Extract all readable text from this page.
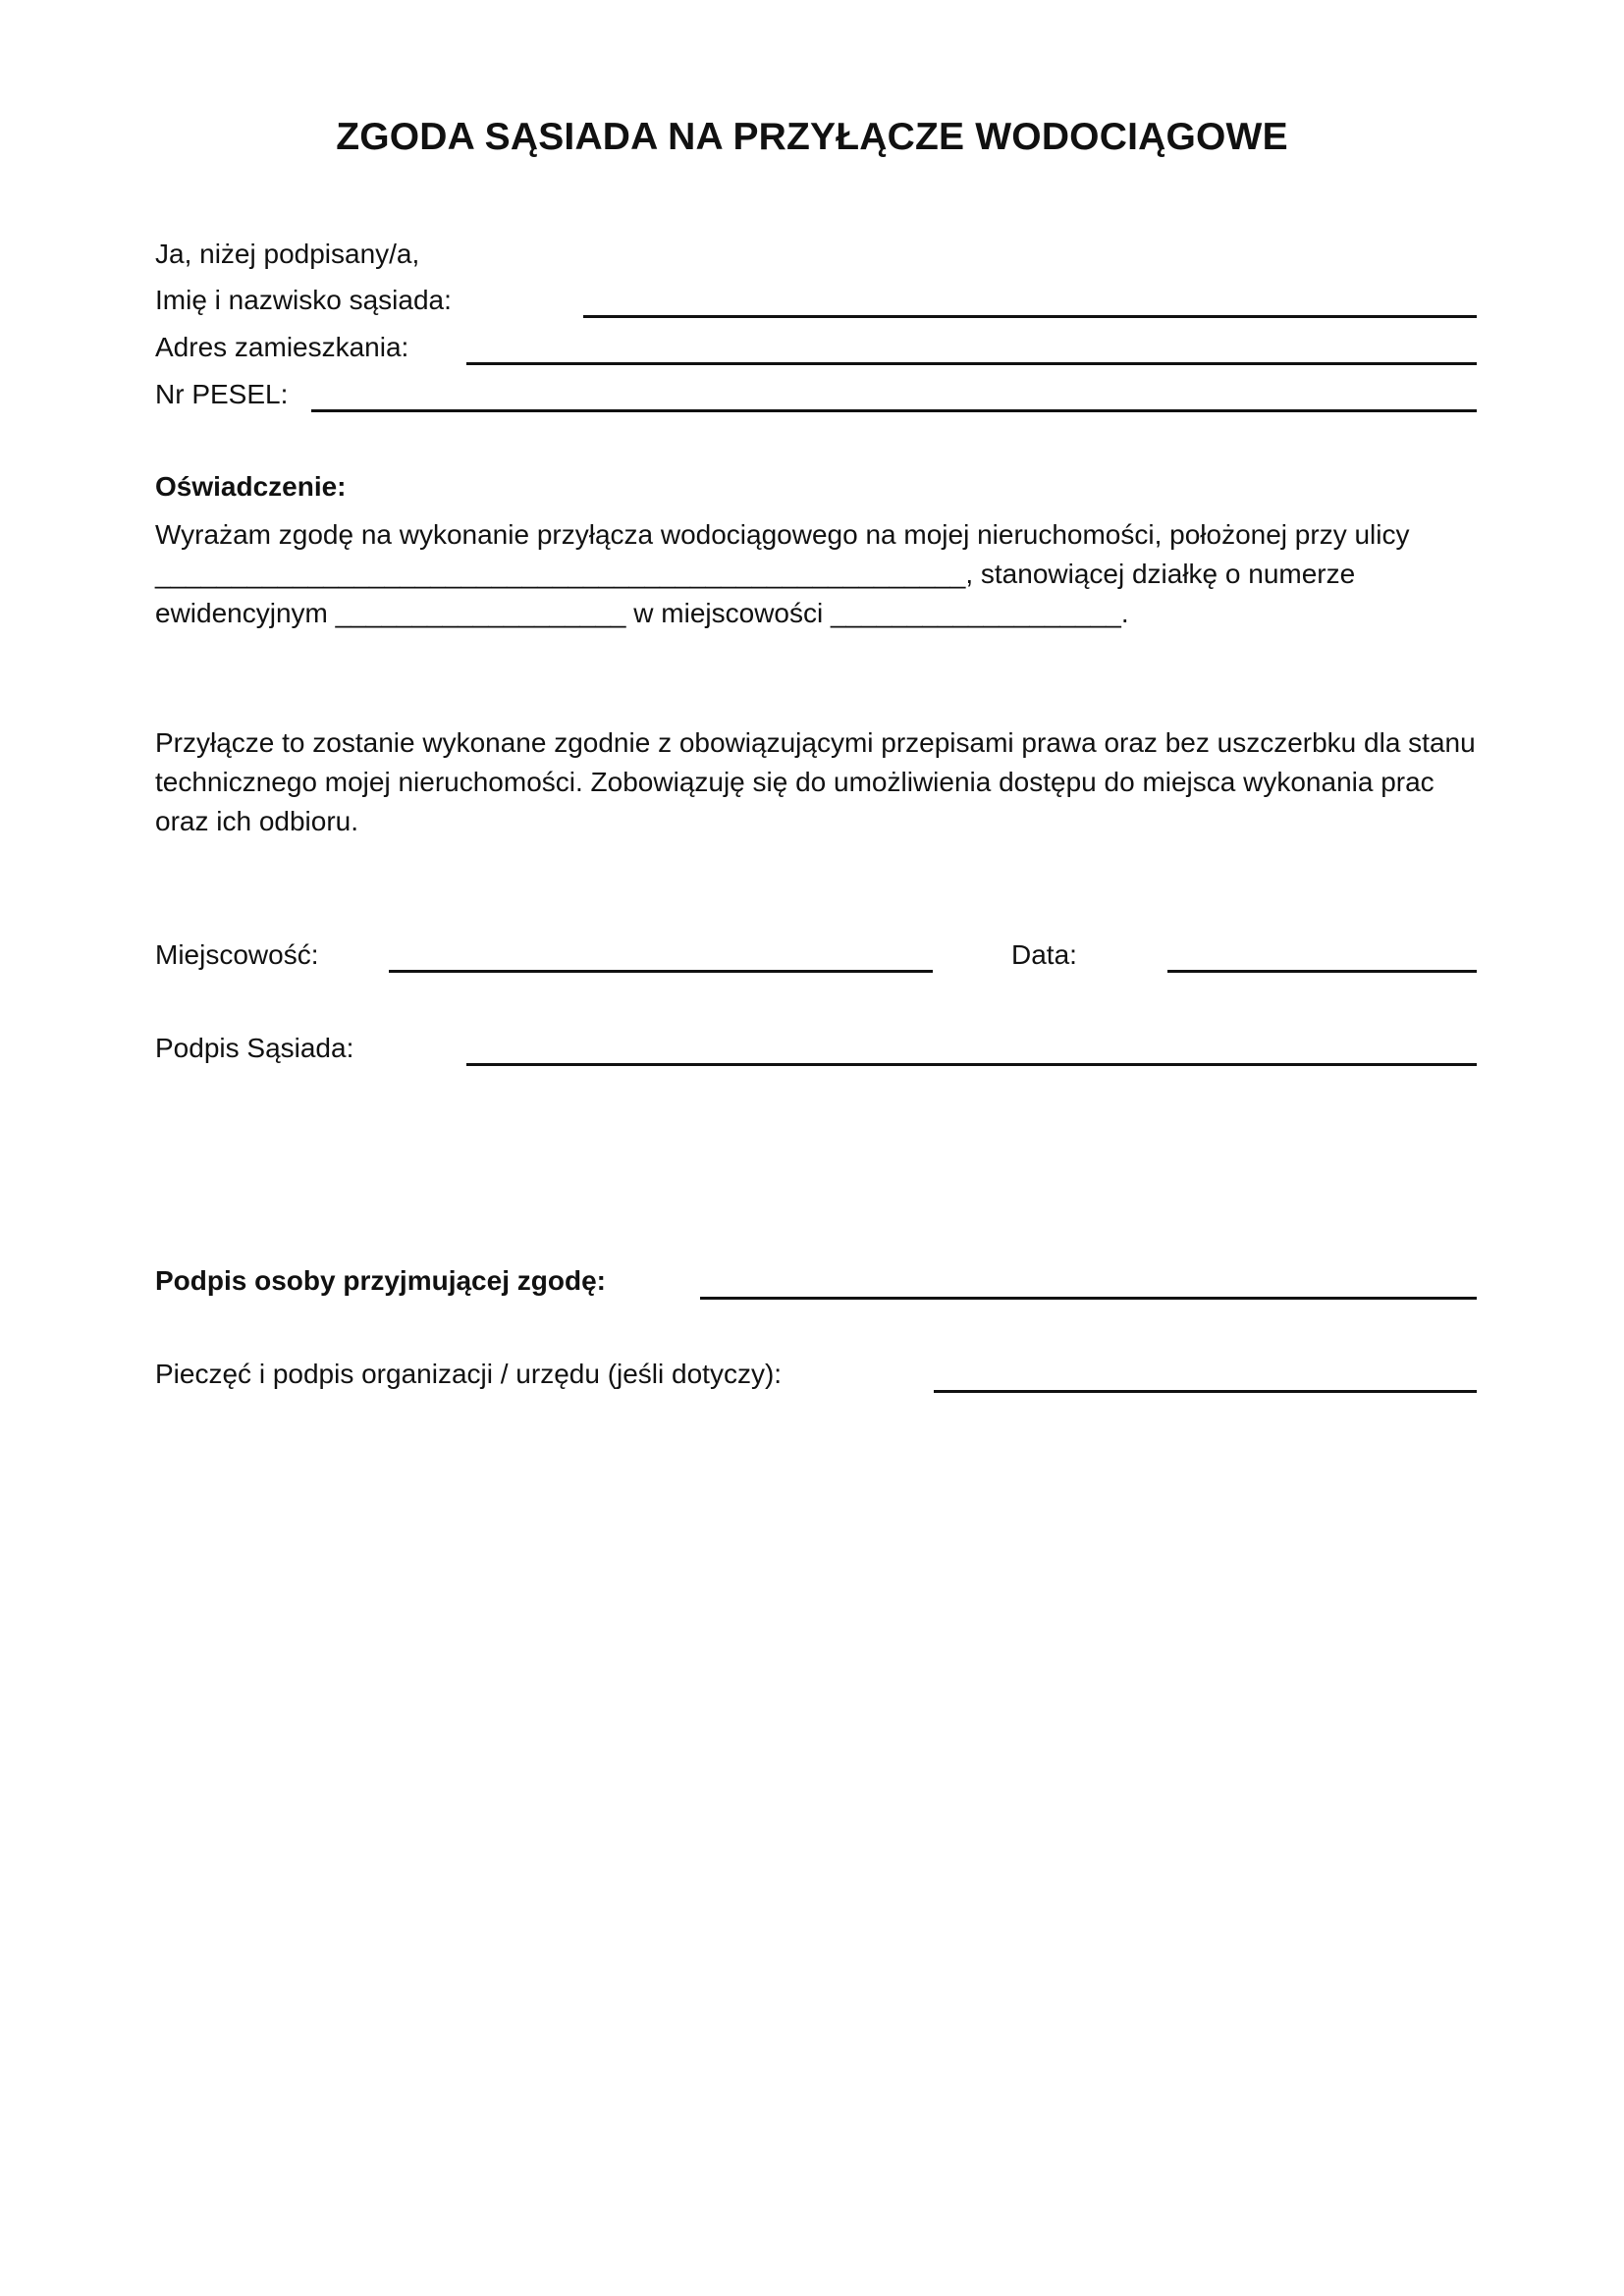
ZGODA SĄSIADA NA PRZYŁĄCZE WODOCIĄGOWE
Ja, niżej podpisany/a,
Imię i nazwisko sąsiada:
Adres zamieszkania:
Nr PESEL:
Oświadczenie:
Wyrażam zgodę na wykonanie przyłącza wodociągowego na mojej nieruchomości, położonej przy ulicy
_____________________________________________________, stanowiącej działkę o numerze
ewidencyjnym ___________________ w miejscowości ___________________.
Przyłącze to zostanie wykonane zgodnie z obowiązującymi przepisami prawa oraz bez uszczerbku dla stanu
technicznego mojej nieruchomości. Zobowiązuję się do umożliwienia dostępu do miejsca wykonania prac
oraz ich odbioru.
Miejscowość:	Data:
Podpis Sąsiada:
Podpis osoby przyjmującej zgodę:
Pieczęć i podpis organizacji / urzędu (jeśli dotyczy):
